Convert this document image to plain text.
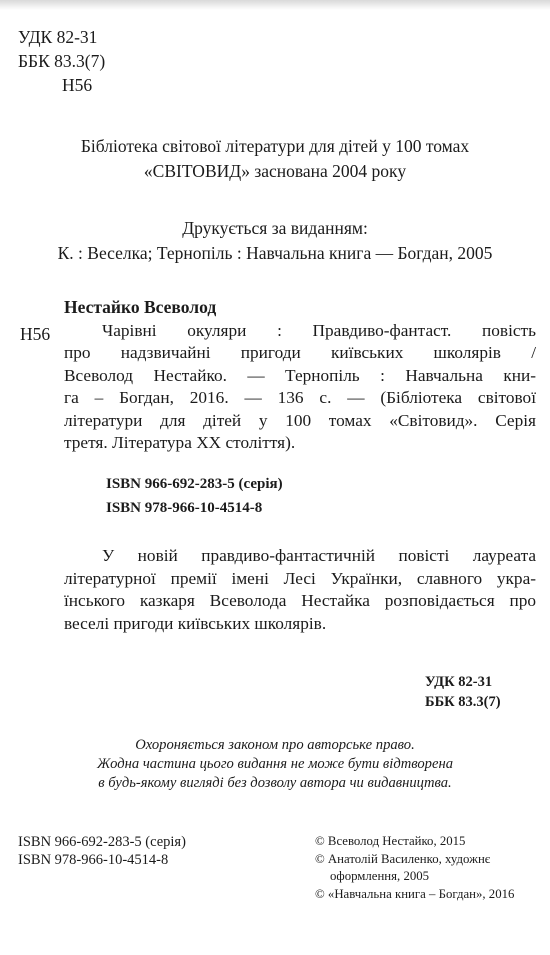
УДК 82-31
ББК 83.3(7)
Н56
Бібліотека світової літератури для дітей у 100 томах
«СВІТОВИД» заснована 2004 року
Друкується за виданням:
К. : Веселка; Тернопіль : Навчальна книга — Богдан, 2005
Нестайко Всеволод
Н56	Чарівні окуляри : Правдиво-фантаст. повість
про надзвичайні пригоди київських школярів /
Всеволод Нестайко. — Тернопіль : Навчальна кни-
га – Богдан, 2016. — 136 с. — (Бібліотека світової
літератури для дітей у 100 томах «Світовид». Серія
третя. Література XX століття).
ISBN 966-692-283-5 (серія)
ISBN 978-966-10-4514-8
У новій правдиво-фантастичній повісті лауреата
літературної премії імені Лесі Українки, славного укра-
їнського казкаря Всеволода Нестайка розповідається про
веселі пригоди київських школярів.
УДК 82-31
ББК 83.3(7)
Охороняється законом про авторське право.
Жодна частина цього видання не може бути відтворена
в будь-якому вигляді без дозволу автора чи видавництва.
ISBN 966-692-283-5 (серія)
ISBN 978-966-10-4514-8
© Всеволод Нестайко, 2015
© Анатолій Василенко, художнє
оформлення, 2005
© «Навчальна книга – Богдан», 2016
